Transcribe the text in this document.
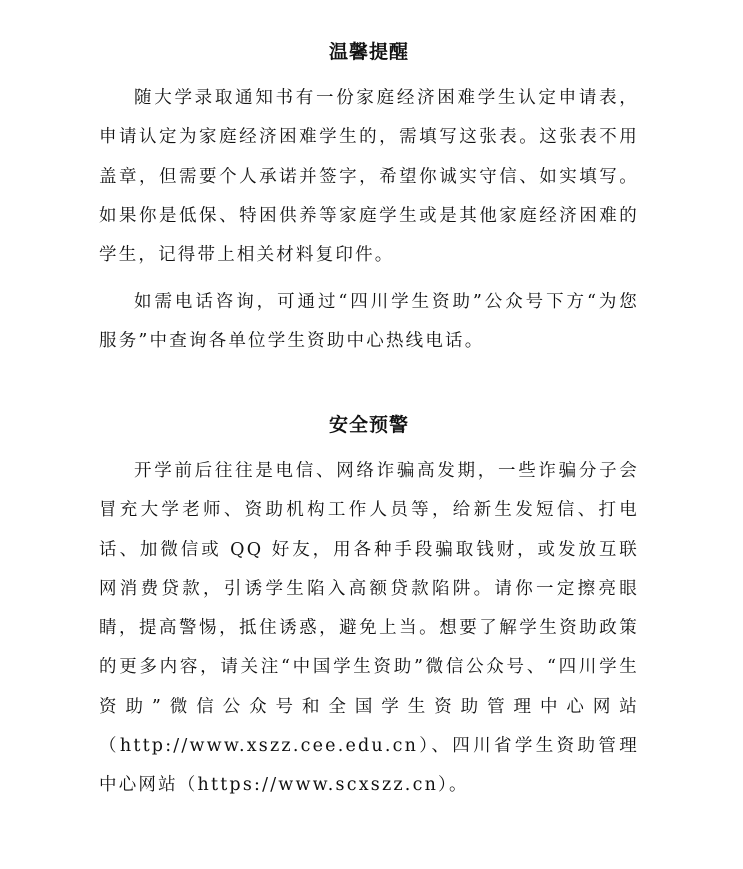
温馨提醒

随大学录取通知书有一份家庭经济困难学生认定申请表，申请认定为家庭经济困难学生的，需填写这张表。这张表不用盖章，但需要个人承诺并签字，希望你诚实守信、如实填写。如果你是低保、特困供养等家庭学生或是其他家庭经济困难的学生，记得带上相关材料复印件。

如需电话咨询，可通过“四川学生资助”公众号下方“为您服务”中查询各单位学生资助中心热线电话。

安全预警

开学前后往往是电信、网络诈骗高发期，一些诈骗分子会冒充大学老师、资助机构工作人员等，给新生发短信、打电话、加微信或 QQ 好友，用各种手段骗取钱财，或发放互联网消费贷款，引诱学生陷入高额贷款陷阱。请你一定擦亮眼睛，提高警惕，抵住诱惑，避免上当。想要了解学生资助政策的更多内容，请关注“中国学生资助”微信公众号、“四川学生资助”微信公众号和全国学生资助管理中心网站（http://www.xszz.cee.edu.cn）、四川省学生资助管理中心网站（https://www.scxszz.cn）。
